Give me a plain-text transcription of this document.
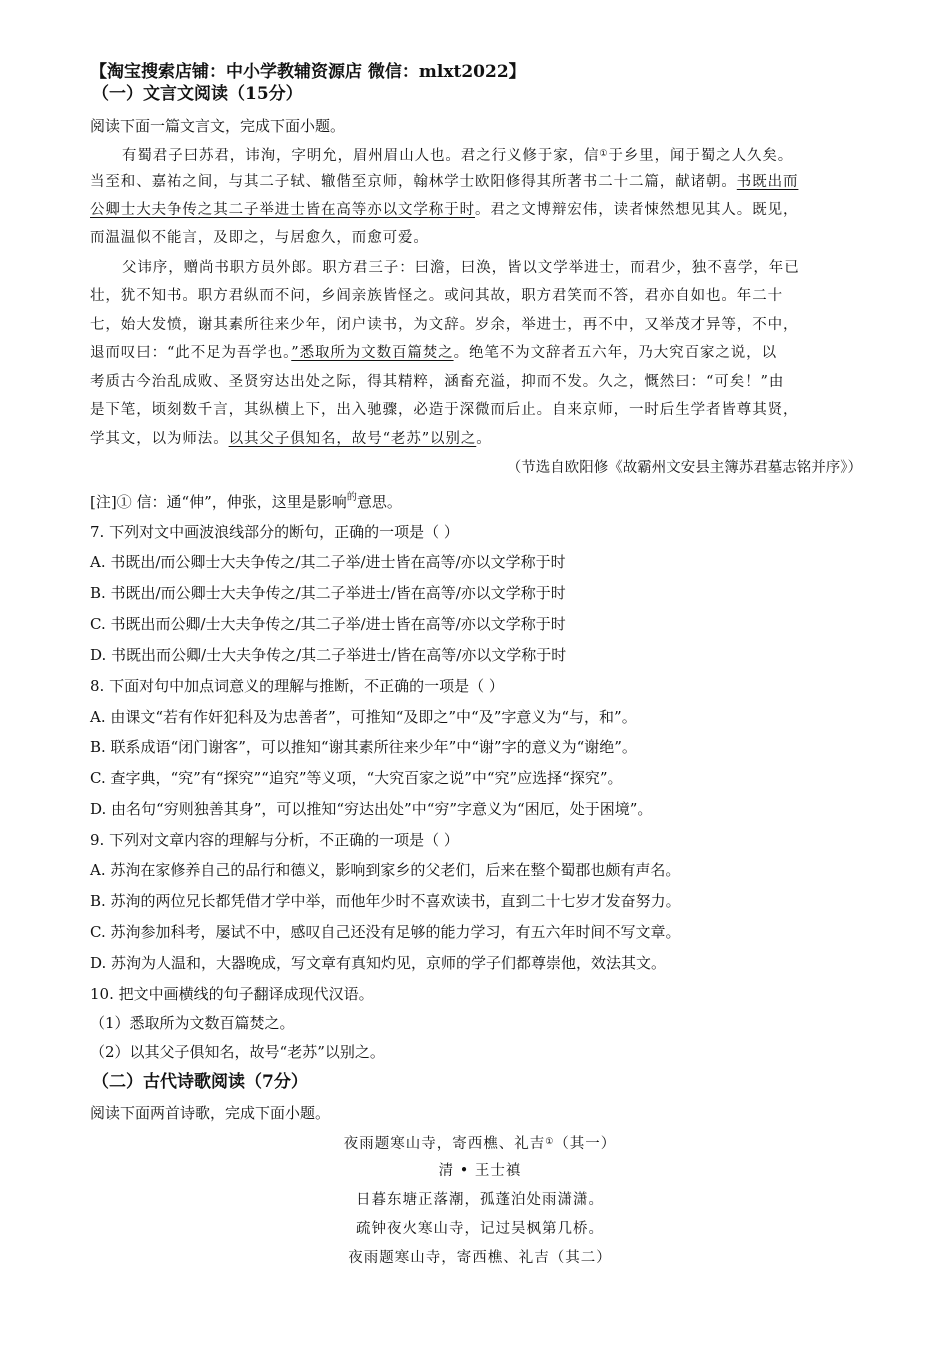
【淘宝搜索店铺：中小学教辅资源店 微信：mlxt2022】
（一）文言文阅读（15分）
阅读下面一篇文言文，完成下面小题。
有蜀君子曰苏君，讳洵，字明允，眉州眉山人也。君之行义修于家，信①于乡里，闻于蜀之人久矣。
当至和、嘉祐之间，与其二子轼、辙偕至京师，翰林学士欧阳修得其所著书二十二篇，献诸朝。书既出而
公卿士大夫争传之其二子举进士皆在高等亦以文学称于时。君之文博辩宏伟，读者悚然想见其人。既见，
而温温似不能言，及即之，与居愈久，而愈可爱。
父讳序，赠尚书职方员外郎。职方君三子：曰澹，曰涣，皆以文学举进士，而君少，独不喜学，年已
壮，犹不知书。职方君纵而不问，乡闾亲族皆怪之。或问其故，职方君笑而不答，君亦自如也。年二十
七，始大发愤，谢其素所往来少年，闭户读书，为文辞。岁余，举进士，再不中，又举茂才异等，不中，
退而叹曰：“此不足为吾学也。”悉取所为文数百篇焚之。绝笔不为文辞者五六年，乃大究百家之说，以
考质古今治乱成败、圣贤穷达出处之际，得其精粹，涵畜充溢，抑而不发。久之，慨然曰：“可矣！”由
是下笔，顷刻数千言，其纵横上下，出入驰骤，必造于深微而后止。自来京师，一时后生学者皆尊其贤，
学其文，以为师法。以其父子俱知名，故号“老苏”以别之。
（节选自欧阳修《故霸州文安县主簿苏君墓志铭并序》）
[注]① 信：通“伸”，伸张，这里是影响$^的$意思。
7. 下列对文中画波浪线部分的断句，正确的一项是（ ）
A. 书既出/而公卿士大夫争传之/其二子举/进士皆在高等/亦以文学称于时
B. 书既出/而公卿士大夫争传之/其二子举进士/皆在高等/亦以文学称于时
C. 书既出而公卿/士大夫争传之/其二子举/进士皆在高等/亦以文学称于时
D. 书既出而公卿/士大夫争传之/其二子举进士/皆在高等/亦以文学称于时
8. 下面对句中加点词意义的理解与推断，不正确的一项是（ ）
A. 由课文“若有作奸犯科及为忠善者”，可推知“及即之”中“及”字意义为“与，和”。
B. 联系成语“闭门谢客”，可以推知“谢其素所往来少年”中“谢”字的意义为“谢绝”。
C. 查字典，“究”有“探究”“追究”等义项，“大究百家之说”中“究”应选择“探究”。
D. 由名句“穷则独善其身”，可以推知“穷达出处”中“穷”字意义为“困厄，处于困境”。
9. 下列对文章内容的理解与分析，不正确的一项是（ ）
A. 苏洵在家修养自己的品行和德义，影响到家乡的父老们，后来在整个蜀郡也颇有声名。
B. 苏洵的两位兄长都凭借才学中举，而他年少时不喜欢读书，直到二十七岁才发奋努力。
C. 苏洵参加科考，屡试不中，感叹自己还没有足够的能力学习，有五六年时间不写文章。
D. 苏洵为人温和，大器晚成，写文章有真知灼见，京师的学子们都尊崇他，效法其文。
10. 把文中画横线的句子翻译成现代汉语。
（1）悉取所为文数百篇焚之。
（2）以其父子俱知名，故号“老苏”以别之。
（二）古代诗歌阅读（7分）
阅读下面两首诗歌，完成下面小题。
夜雨题寒山寺，寄西樵、礼吉①（其一）
清 • 王士禛
日暮东塘正落潮，孤蓬泊处雨潇潇。
疏钟夜火寒山寺，记过吴枫第几桥。
夜雨题寒山寺，寄西樵、礼吉（其二）
